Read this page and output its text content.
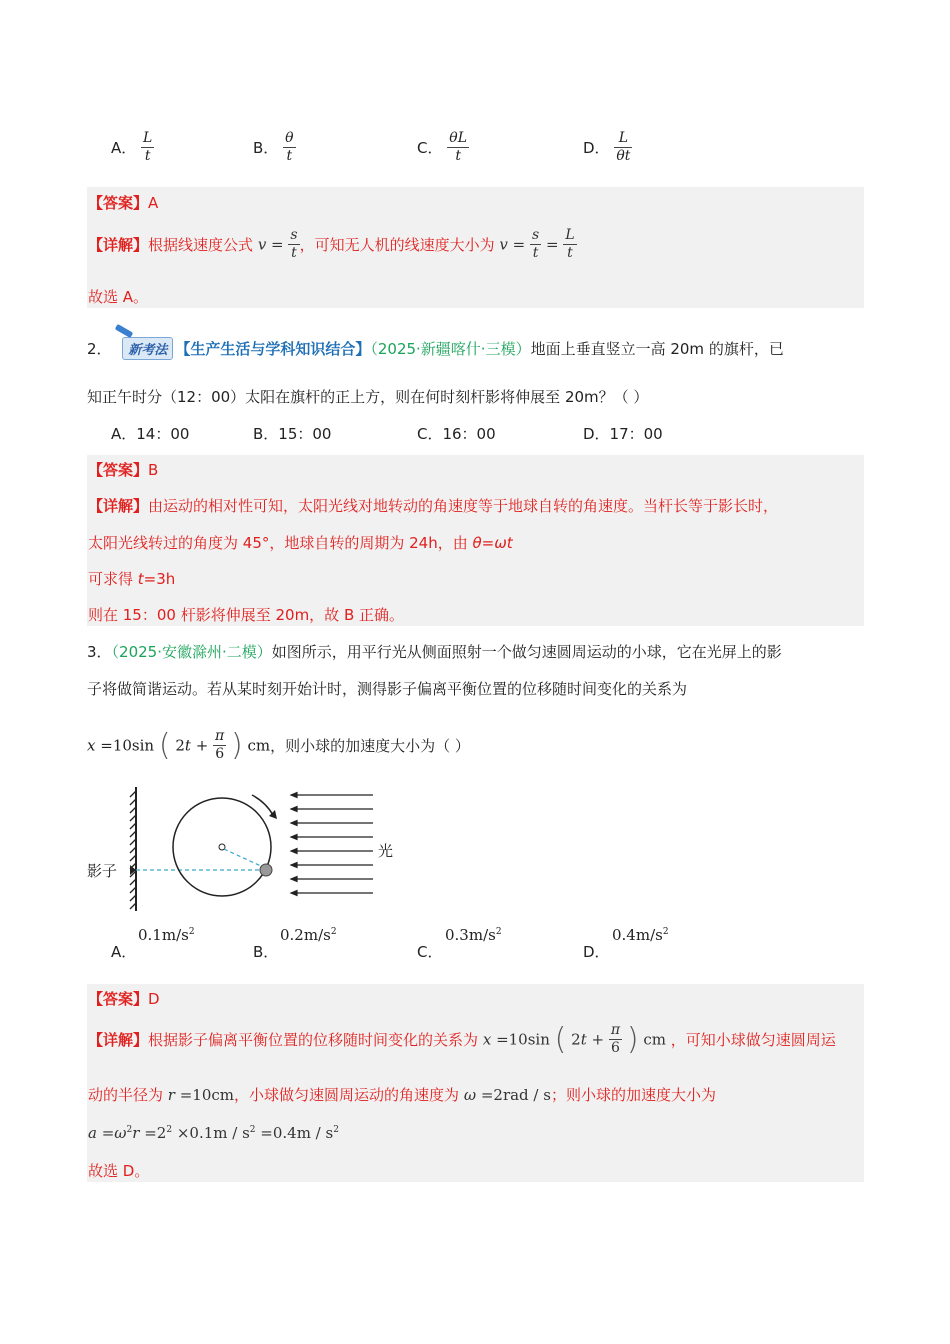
A． $\frac{L}{t}$	B． $\frac{\theta}{t}$	C． $\frac{\theta L}{t}$	D． $\frac{L}{\theta t}$
【答案】A
【详解】根据线速度公式 $v = \frac{s}{t}$ ，可知无人机的线速度大小为 $v = \frac{s}{t} = \frac{L}{t}$
故选 A。
2． 新考法 【生产生活与学科知识结合】（2025·新疆喀什·三模）地面上垂直竖立一高 20m 的旗杆，已
知正午时分（12：00）太阳在旗杆的正上方，则在何时刻杆影将伸展至 20m？（ ）
A．14：00	B．15：00	C．16：00	D．17：00
【答案】B
【详解】由运动的相对性可知，太阳光线对地转动的角速度等于地球自转的角速度。当杆长等于影长时，
太阳光线转过的角度为 45°，地球自转的周期为 24h，由 θ=ωt
可求得 t=3h
则在 15：00 杆影将伸展至 20m，故 B 正确。
3．（2025·安徽滁州·二模）如图所示，用平行光从侧面照射一个做匀速圆周运动的小球，它在光屏上的影
子将做简谐运动。若从某时刻开始计时，测得影子偏离平衡位置的位移随时间变化的关系为
x =10sin ( $2t + \frac{\pi}{6}$ ) cm，则小球的加速度大小为（ ）
影子
光
A．
$0.1m/s^2$
B．
$0.2m/s^2$
C．
$0.3m/s^2$
D．
$0.4m/s^2$
【答案】D
【详解】根据影子偏离平衡位置的位移随时间变化的关系为 x =10sin ( $2t + \frac{\pi}{6}$ ) cm ，可知小球做匀速圆周运
动的半径为 r =10cm，小球做匀速圆周运动的角速度为 ω =2rad / s；则小球的加速度大小为
$a =\omega^2r =2^2 \times 0.1m / s^2 =0.4m / s^2$
故选 D。
